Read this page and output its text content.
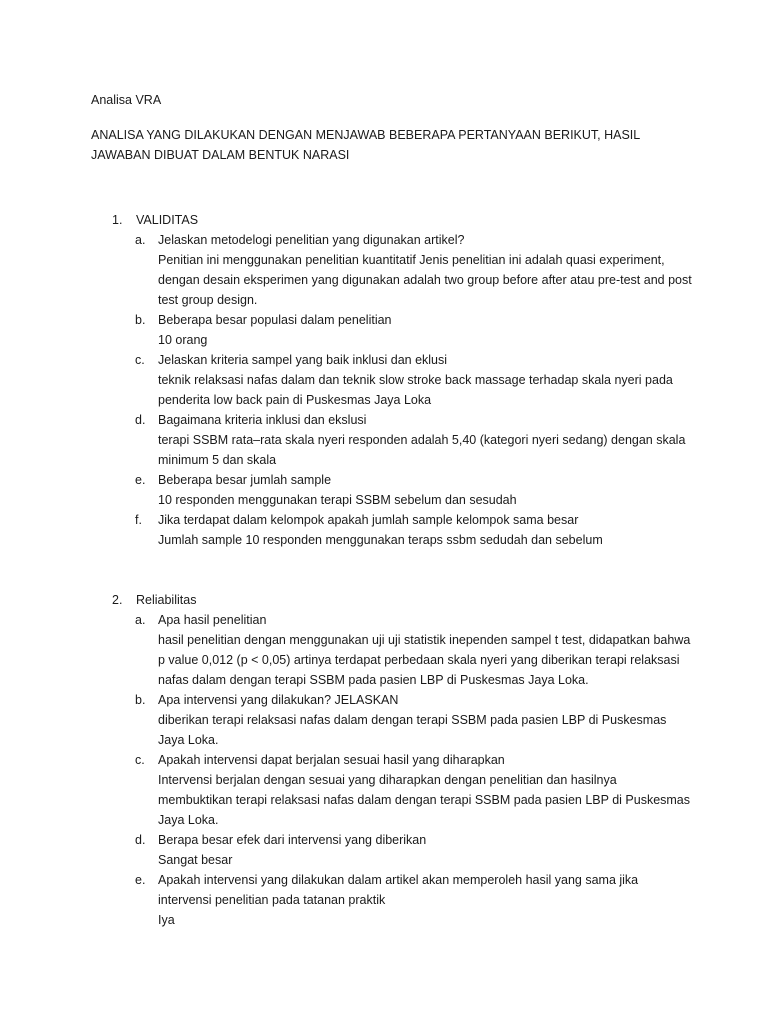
Analisa VRA
ANALISA YANG DILAKUKAN DENGAN MENJAWAB BEBERAPA PERTANYAAN BERIKUT, HASIL JAWABAN DIBUAT DALAM BENTUK NARASI
1. VALIDITAS
a. Jelaskan metodelogi penelitian yang digunakan artikel?
Penitian ini menggunakan penelitian kuantitatif Jenis penelitian ini adalah quasi experiment, dengan desain eksperimen yang digunakan adalah two group before after atau pre-test and post test group design.
b. Beberapa besar populasi dalam penelitian
10 orang
c. Jelaskan kriteria sampel yang baik inklusi dan eklusi
teknik relaksasi nafas dalam dan teknik slow stroke back massage terhadap skala nyeri pada penderita low back pain di Puskesmas Jaya Loka
d. Bagaimana kriteria inklusi dan ekslusi
terapi SSBM rata–rata skala nyeri responden adalah 5,40 (kategori nyeri sedang) dengan skala minimum 5 dan skala
e. Beberapa besar jumlah sample
10 responden menggunakan terapi SSBM sebelum dan sesudah
f. Jika terdapat dalam kelompok apakah jumlah sample kelompok sama besar
Jumlah sample 10 responden menggunakan teraps ssbm sedudah dan sebelum
2. Reliabilitas
a. Apa hasil penelitian
hasil penelitian dengan menggunakan uji uji statistik inependen sampel t test, didapatkan bahwa p value 0,012 (p < 0,05) artinya terdapat perbedaan skala nyeri yang diberikan terapi relaksasi nafas dalam dengan terapi SSBM pada pasien LBP di Puskesmas Jaya Loka.
b. Apa intervensi yang dilakukan? JELASKAN
diberikan terapi relaksasi nafas dalam dengan terapi SSBM pada pasien LBP di Puskesmas Jaya Loka.
c. Apakah intervensi dapat berjalan sesuai hasil yang diharapkan
Intervensi berjalan dengan sesuai yang diharapkan dengan penelitian dan hasilnya membuktikan terapi relaksasi nafas dalam dengan terapi SSBM pada pasien LBP di Puskesmas Jaya Loka.
d. Berapa besar efek dari intervensi yang diberikan
Sangat besar
e. Apakah intervensi yang dilakukan dalam artikel akan memperoleh hasil yang sama jika intervensi penelitian pada tatanan praktik
Iya
